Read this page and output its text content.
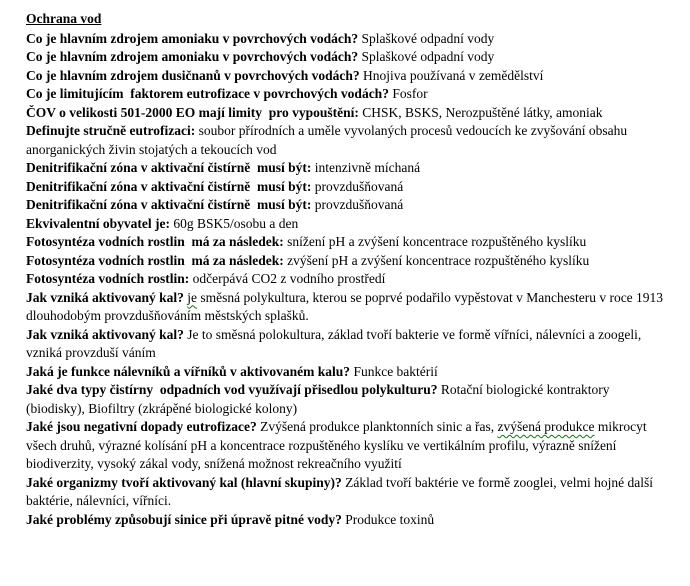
Ochrana vod

Co je hlavním zdrojem amoniaku v povrchových vodách? Splaškové odpadní vody

Co je hlavním zdrojem amoniaku v povrchových vodách? Splaškové odpadní vody

Co je hlavním zdrojem dusičnanů v povrchových vodách? Hnojiva používaná v zemědělství

Co je limitujícím  faktorem eutrofizace v povrchových vodách? Fosfor

ČOV o velikosti 501-2000 EO mají limity  pro vypouštění: CHSK, BSKS, Nerozpuštěné látky, amoniak

Definujte stručně eutrofizaci: soubor přírodních a uměle vyvolaných procesů vedoucích ke zvyšování obsahu anorganických živin stojatých a tekoucích vod

Denitrifikační zóna v aktivační čistírně  musí být: intenzivně míchaná

Denitrifikační zóna v aktivační čistírně  musí být: provzdušňovaná

Denitrifikační zóna v aktivační čistírně  musí být: provzdušňovaná

Ekvivalentní obyvatel je: 60g BSK5/osobu a den

Fotosyntéza vodních rostlin  má za následek: snížení pH a zvýšení koncentrace rozpuštěného kyslíku

Fotosyntéza vodních rostlin  má za následek: zvýšení pH a zvýšení koncentrace rozpuštěného kyslíku

Fotosyntéza vodních rostlin: odčerpává CO2 z vodního prostředí

Jak vzniká aktivovaný kal? je směsná polykultura, kterou se poprvé podařilo vypěstovat v Manchesteru v roce 1913 dlouhodobým provzdušňováním městských splašků.

Jak vzniká aktivovaný kal? Je to směsná polokultura, základ tvoří bakterie ve formě vířníci, nálevníci a zoogeli, vzniká provzduší váním

Jaká je funkce nálevníků a vířníků v aktivovaném kalu? Funkce baktérií

Jaké dva typy čistírny  odpadních vod využívají přisedlou polykulturu? Rotační biologické kontraktory (biodisky), Biofiltry (zkrápěné biologické kolony)

Jaké jsou negativní dopady eutrofizace? Zvýšená produkce planktonních sinic a řas, zvýšená produkce mikrocyt všech druhů, výrazné kolísání pH a koncentrace rozpuštěného kyslíku ve vertikálním profilu, výrazně snížení biodiverzity, vysoký zákal vody, snížená možnost rekreačního využití

Jaké organizmy tvoří aktivovaný kal (hlavní skupiny)? Základ tvoří baktérie ve formě zooglei, velmi hojné další baktérie, nálevníci, vířníci.

Jaké problémy způsobují sinice při úpravě pitné vody? Produkce toxinů
